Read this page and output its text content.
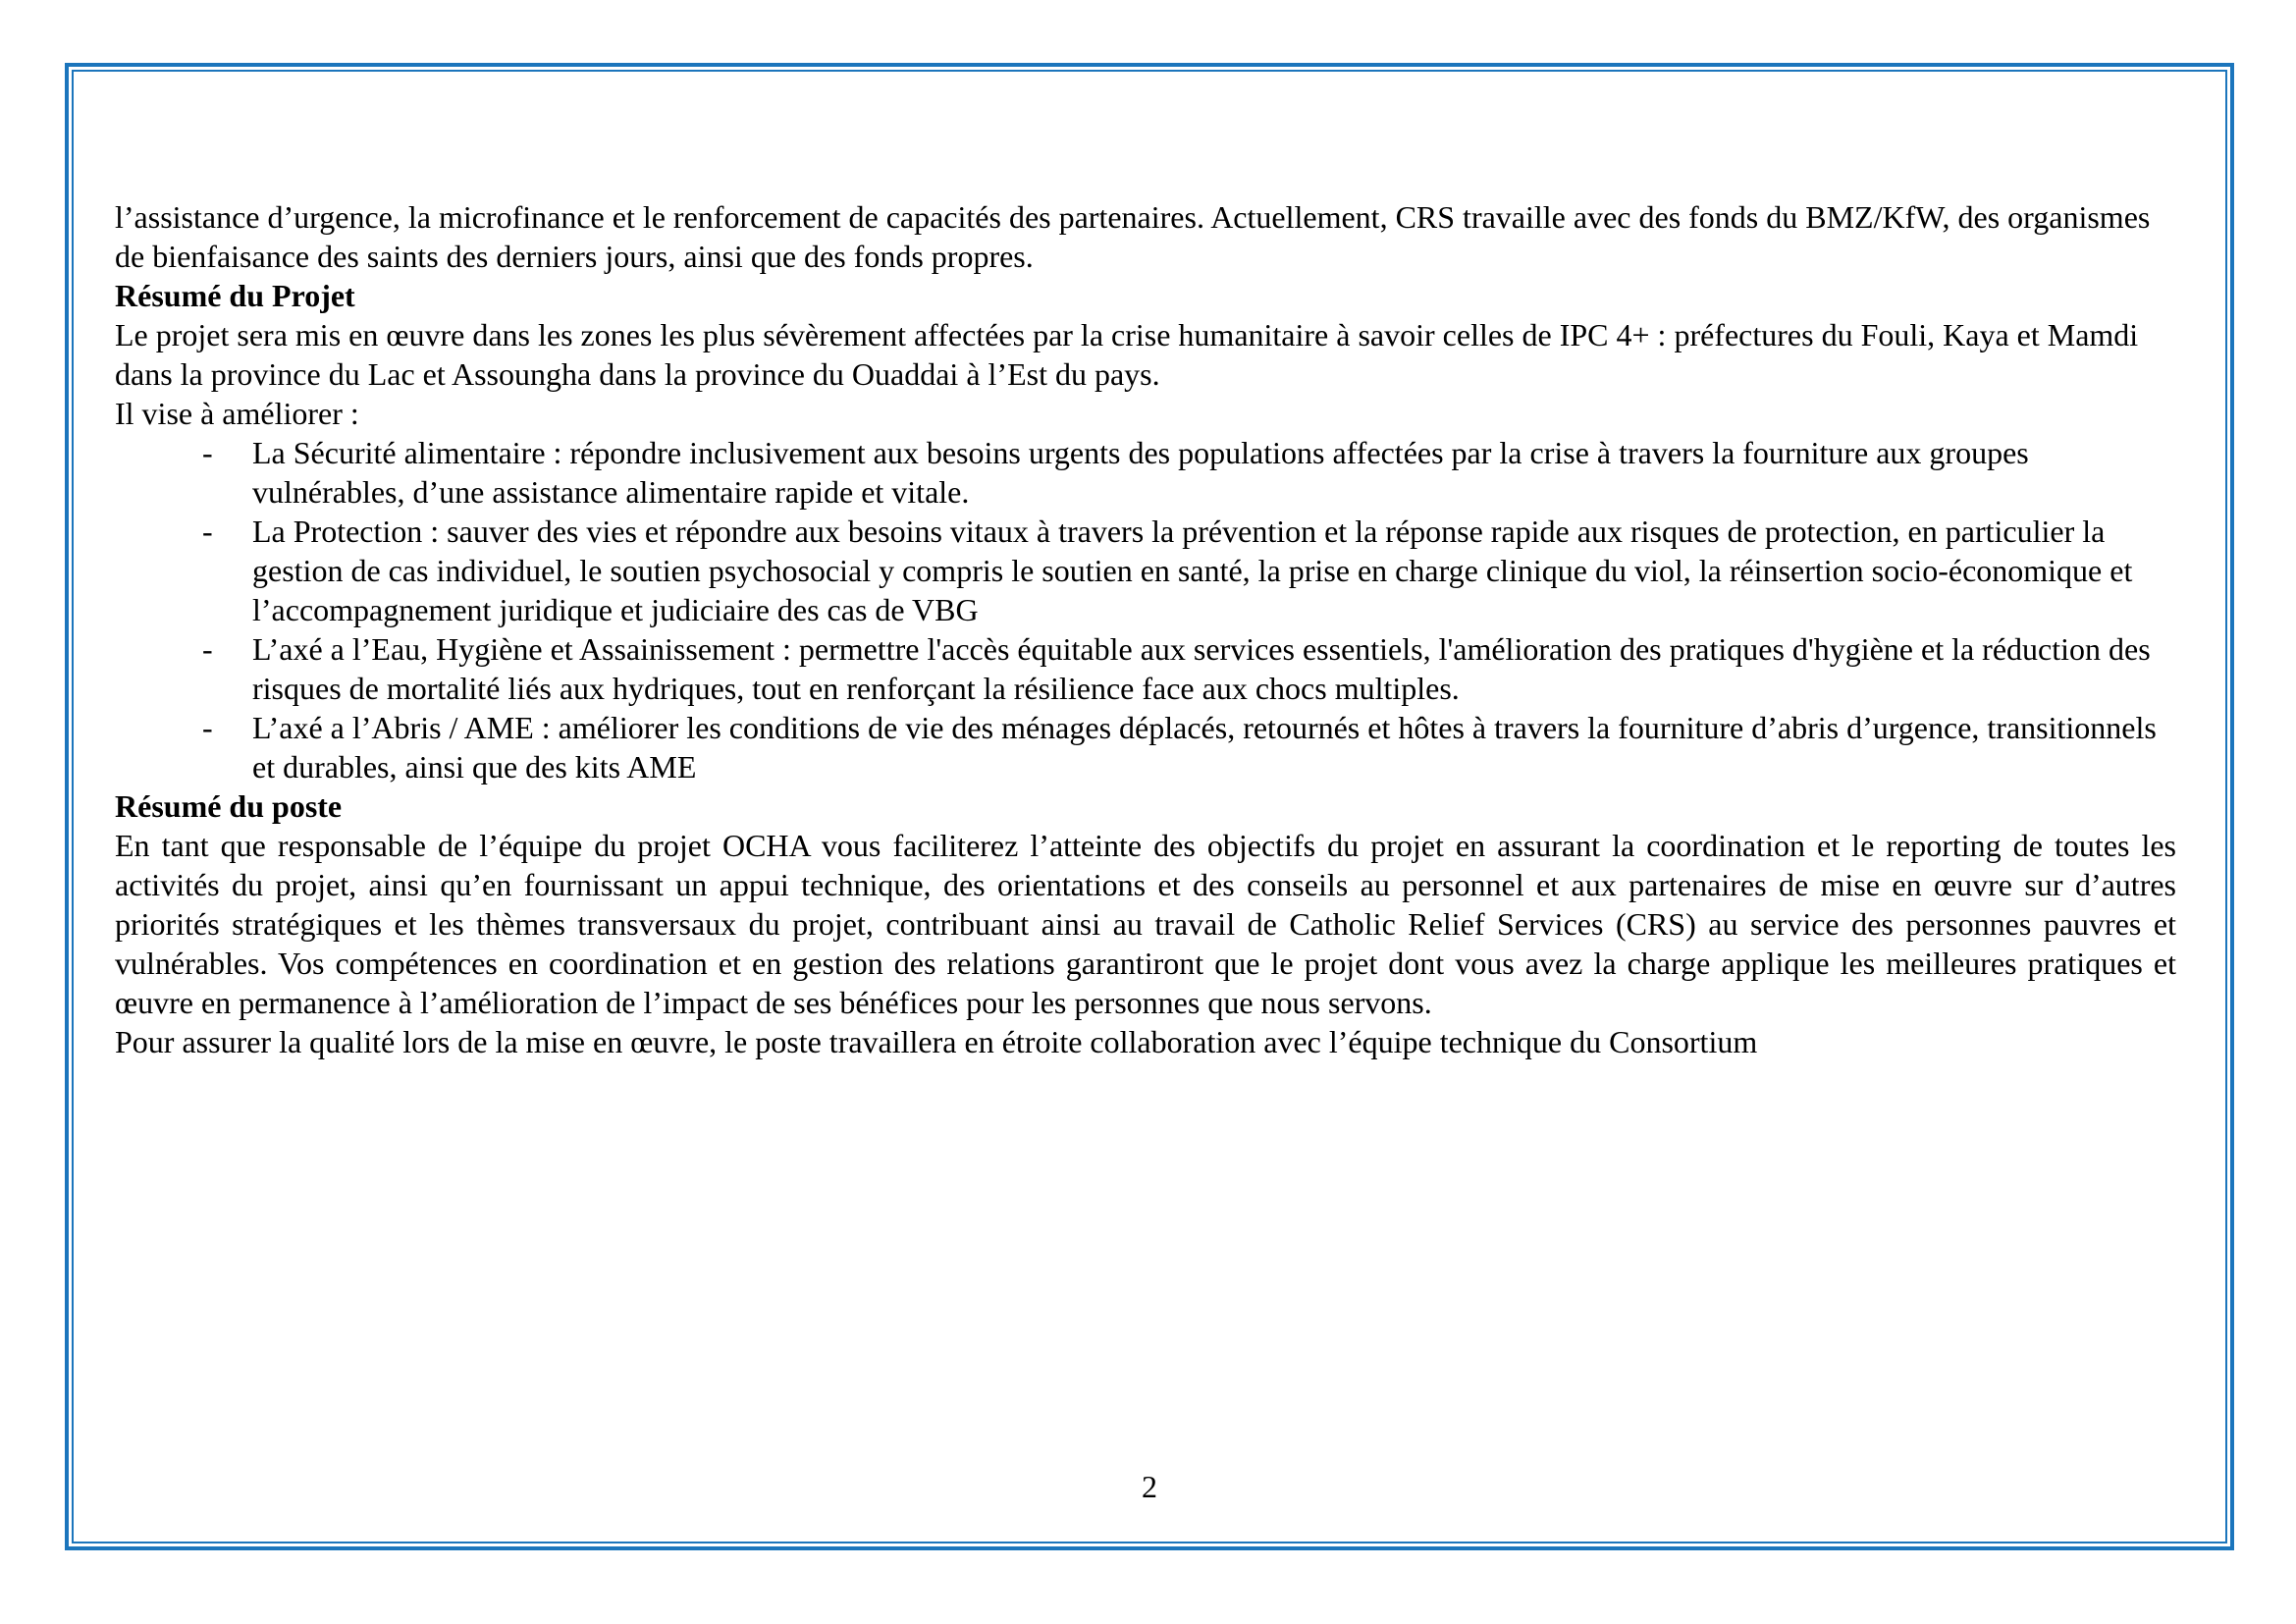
l’assistance d’urgence, la microfinance et le renforcement de capacités des partenaires. Actuellement, CRS travaille avec des fonds du BMZ/KfW, des organismes de bienfaisance des saints des derniers jours, ainsi que des fonds propres.

Résumé du Projet

Le projet sera mis en œuvre dans les zones les plus sévèrement affectées par la crise humanitaire à savoir celles de IPC 4+ : préfectures du Fouli, Kaya et Mamdi dans la province du Lac et Assoungha dans la province du Ouaddai à l’Est du pays.

Il vise à améliorer :

-	La Sécurité alimentaire : répondre inclusivement aux besoins urgents des populations affectées par la crise à travers la fourniture aux groupes vulnérables, d’une assistance alimentaire rapide et vitale.
-	La Protection : sauver des vies et répondre aux besoins vitaux à travers la prévention et la réponse rapide aux risques de protection, en particulier la gestion de cas individuel, le soutien psychosocial y compris le soutien en santé, la prise en charge clinique du viol, la réinsertion socio-économique et l’accompagnement juridique et judiciaire des cas de VBG
-	L’axé a l’Eau, Hygiène et Assainissement : permettre l'accès équitable aux services essentiels, l'amélioration des pratiques d'hygiène et la réduction des risques de mortalité liés aux hydriques, tout en renforçant la résilience face aux chocs multiples.
-	L’axé a l’Abris / AME : améliorer les conditions de vie des ménages déplacés, retournés et hôtes à travers la fourniture d’abris d’urgence, transitionnels et durables, ainsi que des kits AME

Résumé du poste

En tant que responsable de l’équipe du projet OCHA vous faciliterez l’atteinte des objectifs du projet en assurant la coordination et le reporting de toutes les activités du projet, ainsi qu’en fournissant un appui technique, des orientations et des conseils au personnel et aux partenaires de mise en œuvre sur d’autres priorités stratégiques et les thèmes transversaux du projet, contribuant ainsi au travail de Catholic Relief Services (CRS) au service des personnes pauvres et vulnérables. Vos compétences en coordination et en gestion des relations garantiront que le projet dont vous avez la charge applique les meilleures pratiques et œuvre en permanence à l’amélioration de l’impact de ses bénéfices pour les personnes que nous servons.

Pour assurer la qualité lors de la mise en œuvre, le poste travaillera en étroite collaboration avec l’équipe technique du Consortium

2
